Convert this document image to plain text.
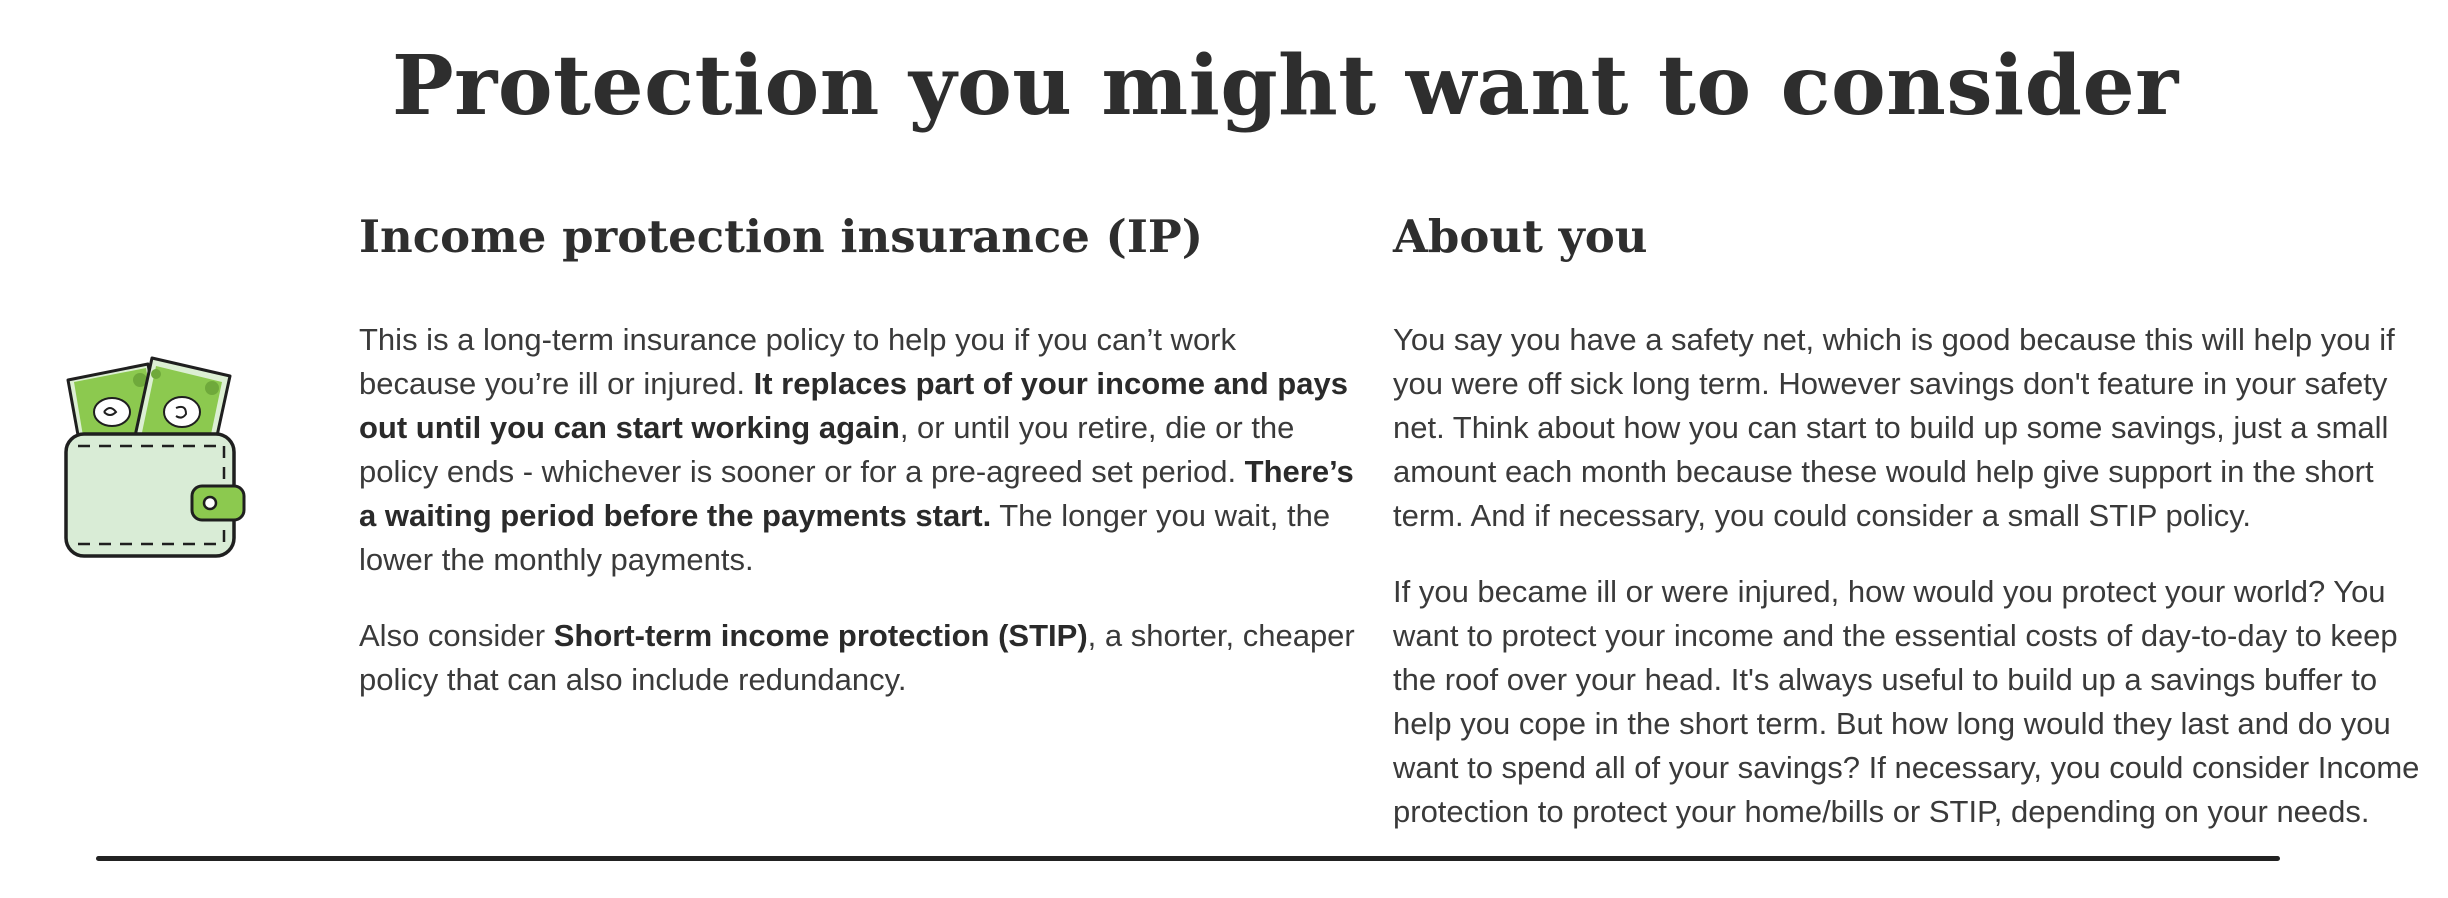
Protection you might want to consider
Income protection insurance (IP)

This is a long-term insurance policy to help you if you can’t work because you’re ill or injured. It replaces part of your income and pays out until you can start working again, or until you retire, die or the policy ends - whichever is sooner or for a pre-agreed set period. There’s a waiting period before the payments start. The longer you wait, the lower the monthly payments.

Also consider Short-term income protection (STIP), a shorter, cheaper policy that can also include redundancy.

About you

You say you have a safety net, which is good because this will help you if you were off sick long term. However savings don't feature in your safety net. Think about how you can start to build up some savings, just a small amount each month because these would help give support in the short term. And if necessary, you could consider a small STIP policy.

If you became ill or were injured, how would you protect your world? You want to protect your income and the essential costs of day-to-day to keep the roof over your head. It's always useful to build up a savings buffer to help you cope in the short term. But how long would they last and do you want to spend all of your savings? If necessary, you could consider Income protection to protect your home/bills or STIP, depending on your needs.
